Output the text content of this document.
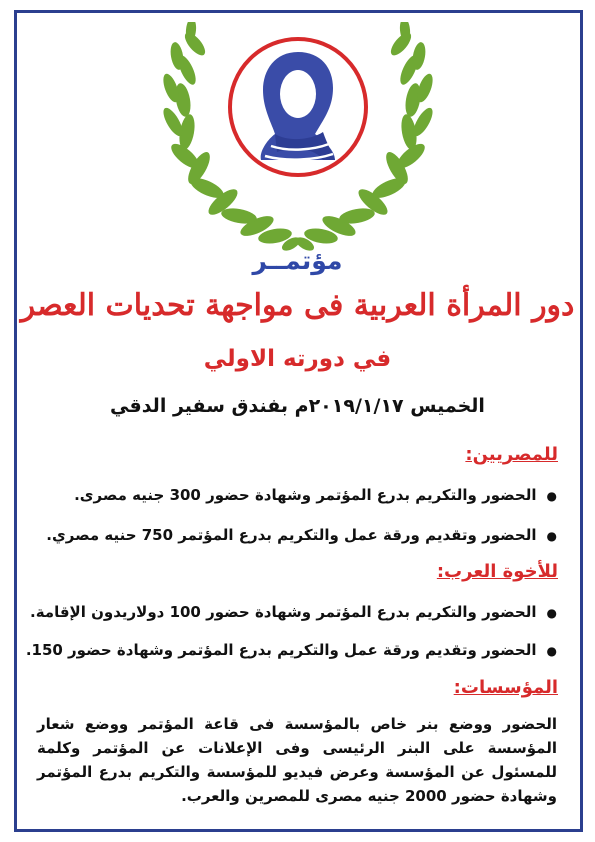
مؤتمــر
دور المرأة العربية فى مواجهة تحديات العصر
في دورته الاولي
الخميس ٢٠١٩/١/١٧م بفندق سفير الدقي
للمصريين:
●الحضور والتكريم بدرع المؤتمر وشهادة حضور 300 جنيه مصرى.
●الحضور وتقديم ورقة عمل والتكريم بدرع المؤتمر 750 حنيه مصري.
للأخوة العرب:
●الحضور والتكريم بدرع المؤتمر وشهادة حضور 100 دولاريدون الإقامة.
●الحضور وتقديم ورقة عمل والتكريم بدرع المؤتمر وشهادة حضور 150.
المؤسسات:
الحضور ووضع بنر خاص بالمؤسسة فى قاعة المؤتمر ووضع شعار المؤسسة على البنر الرئيسى وفى الإعلانات عن المؤتمر وكلمة للمسئول عن المؤسسة وعرض فيديو للمؤسسة والتكريم بدرع المؤتمر وشهادة حضور 2000 جنيه مصرى للمصرين والعرب.
